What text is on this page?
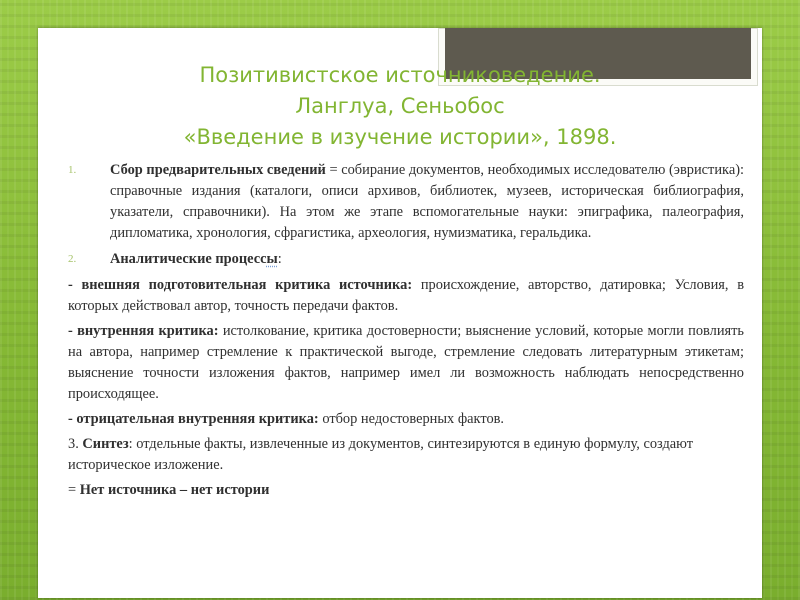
Позитивистское источниковедение.
Ланглуа, Сеньобос
«Введение в изучение истории», 1898.
1. Сбор предварительных сведений = собирание документов, необходимых исследователю (эвристика): справочные издания (каталоги, описи архивов, библиотек, музеев, историческая библиография, указатели, справочники). На этом же этапе вспомогательные науки: эпиграфика, палеография, дипломатика, хронология, сфрагистика, археология, нумизматика, геральдика.
2. Аналитические процессы:
- внешняя подготовительная критика источника: происхождение, авторство, датировка; Условия, в которых действовал автор, точность передачи фактов.
- внутренняя критика: истолкование, критика достоверности; выяснение условий, которые могли повлиять на автора, например стремление к практической выгоде, стремление следовать литературным этикетам; выяснение точности изложения фактов, например имел ли возможность наблюдать непосредственно происходящее.
- отрицательная внутренняя критика: отбор недостоверных фактов.
3. Синтез: отдельные факты, извлеченные из документов, синтезируются в единую формулу, создают историческое изложение.
= Нет источника – нет истории
